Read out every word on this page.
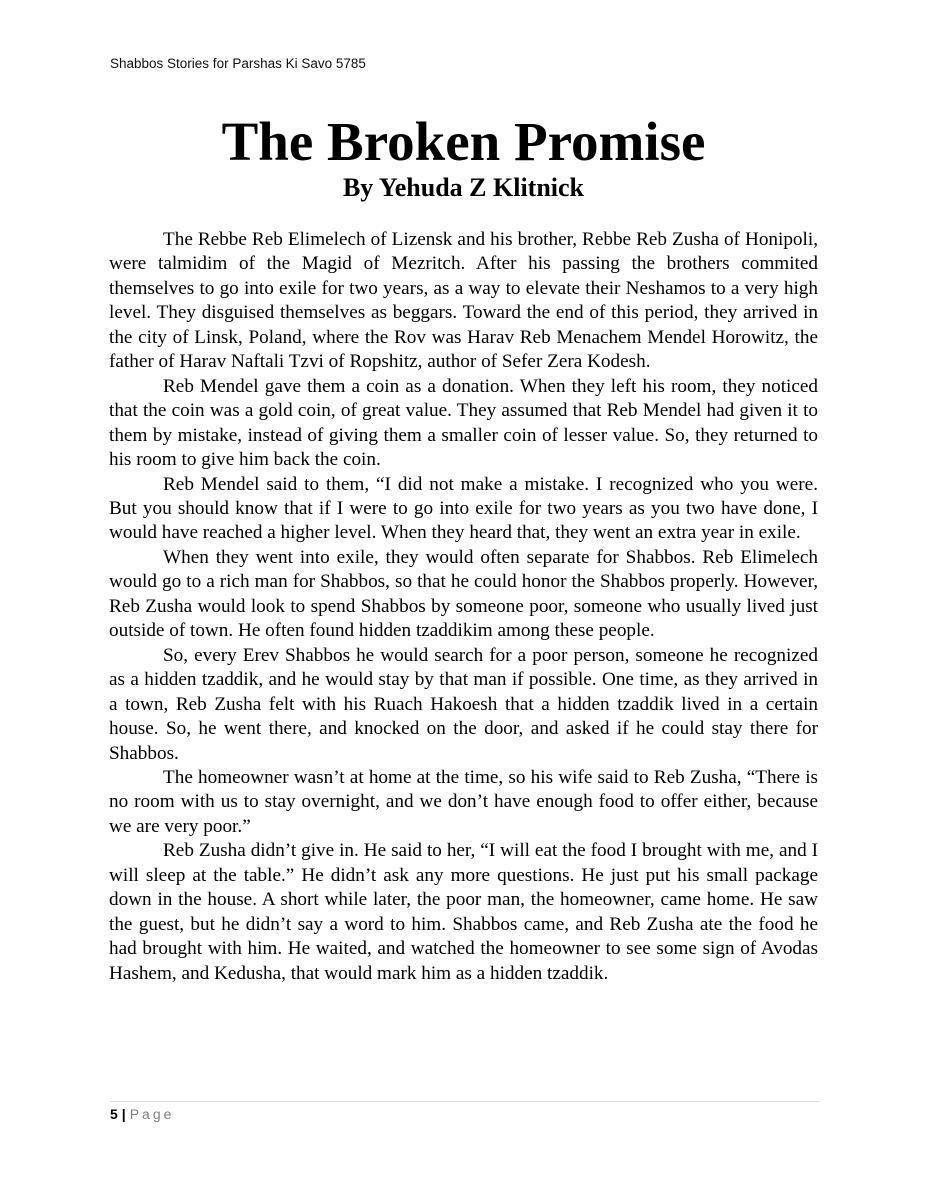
Shabbos Stories for Parshas Ki Savo 5785
The Broken Promise
By Yehuda Z Klitnick

The Rebbe Reb Elimelech of Lizensk and his brother, Rebbe Reb Zusha of Honipoli, were talmidim of the Magid of Mezritch. After his passing the brothers commited themselves to go into exile for two years, as a way to elevate their Neshamos to a very high level. They disguised themselves as beggars. Toward the end of this period, they arrived in the city of Linsk, Poland, where the Rov was Harav Reb Menachem Mendel Horowitz, the father of Harav Naftali Tzvi of Ropshitz, author of Sefer Zera Kodesh.

Reb Mendel gave them a coin as a donation. When they left his room, they noticed that the coin was a gold coin, of great value. They assumed that Reb Mendel had given it to them by mistake, instead of giving them a smaller coin of lesser value. So, they returned to his room to give him back the coin.

Reb Mendel said to them, “I did not make a mistake. I recognized who you were. But you should know that if I were to go into exile for two years as you two have done, I would have reached a higher level. When they heard that, they went an extra year in exile.

When they went into exile, they would often separate for Shabbos. Reb Elimelech would go to a rich man for Shabbos, so that he could honor the Shabbos properly. However, Reb Zusha would look to spend Shabbos by someone poor, someone who usually lived just outside of town. He often found hidden tzaddikim among these people.

So, every Erev Shabbos he would search for a poor person, someone he recognized as a hidden tzaddik, and he would stay by that man if possible. One time, as they arrived in a town, Reb Zusha felt with his Ruach Hakoesh that a hidden tzaddik lived in a certain house. So, he went there, and knocked on the door, and asked if he could stay there for Shabbos.

The homeowner wasn’t at home at the time, so his wife said to Reb Zusha, “There is no room with us to stay overnight, and we don’t have enough food to offer either, because we are very poor.”

Reb Zusha didn’t give in. He said to her, “I will eat the food I brought with me, and I will sleep at the table.” He didn’t ask any more questions. He just put his small package down in the house. A short while later, the poor man, the homeowner, came home. He saw the guest, but he didn’t say a word to him. Shabbos came, and Reb Zusha ate the food he had brought with him. He waited, and watched the homeowner to see some sign of Avodas Hashem, and Kedusha, that would mark him as a hidden tzaddik.

5 | Page
